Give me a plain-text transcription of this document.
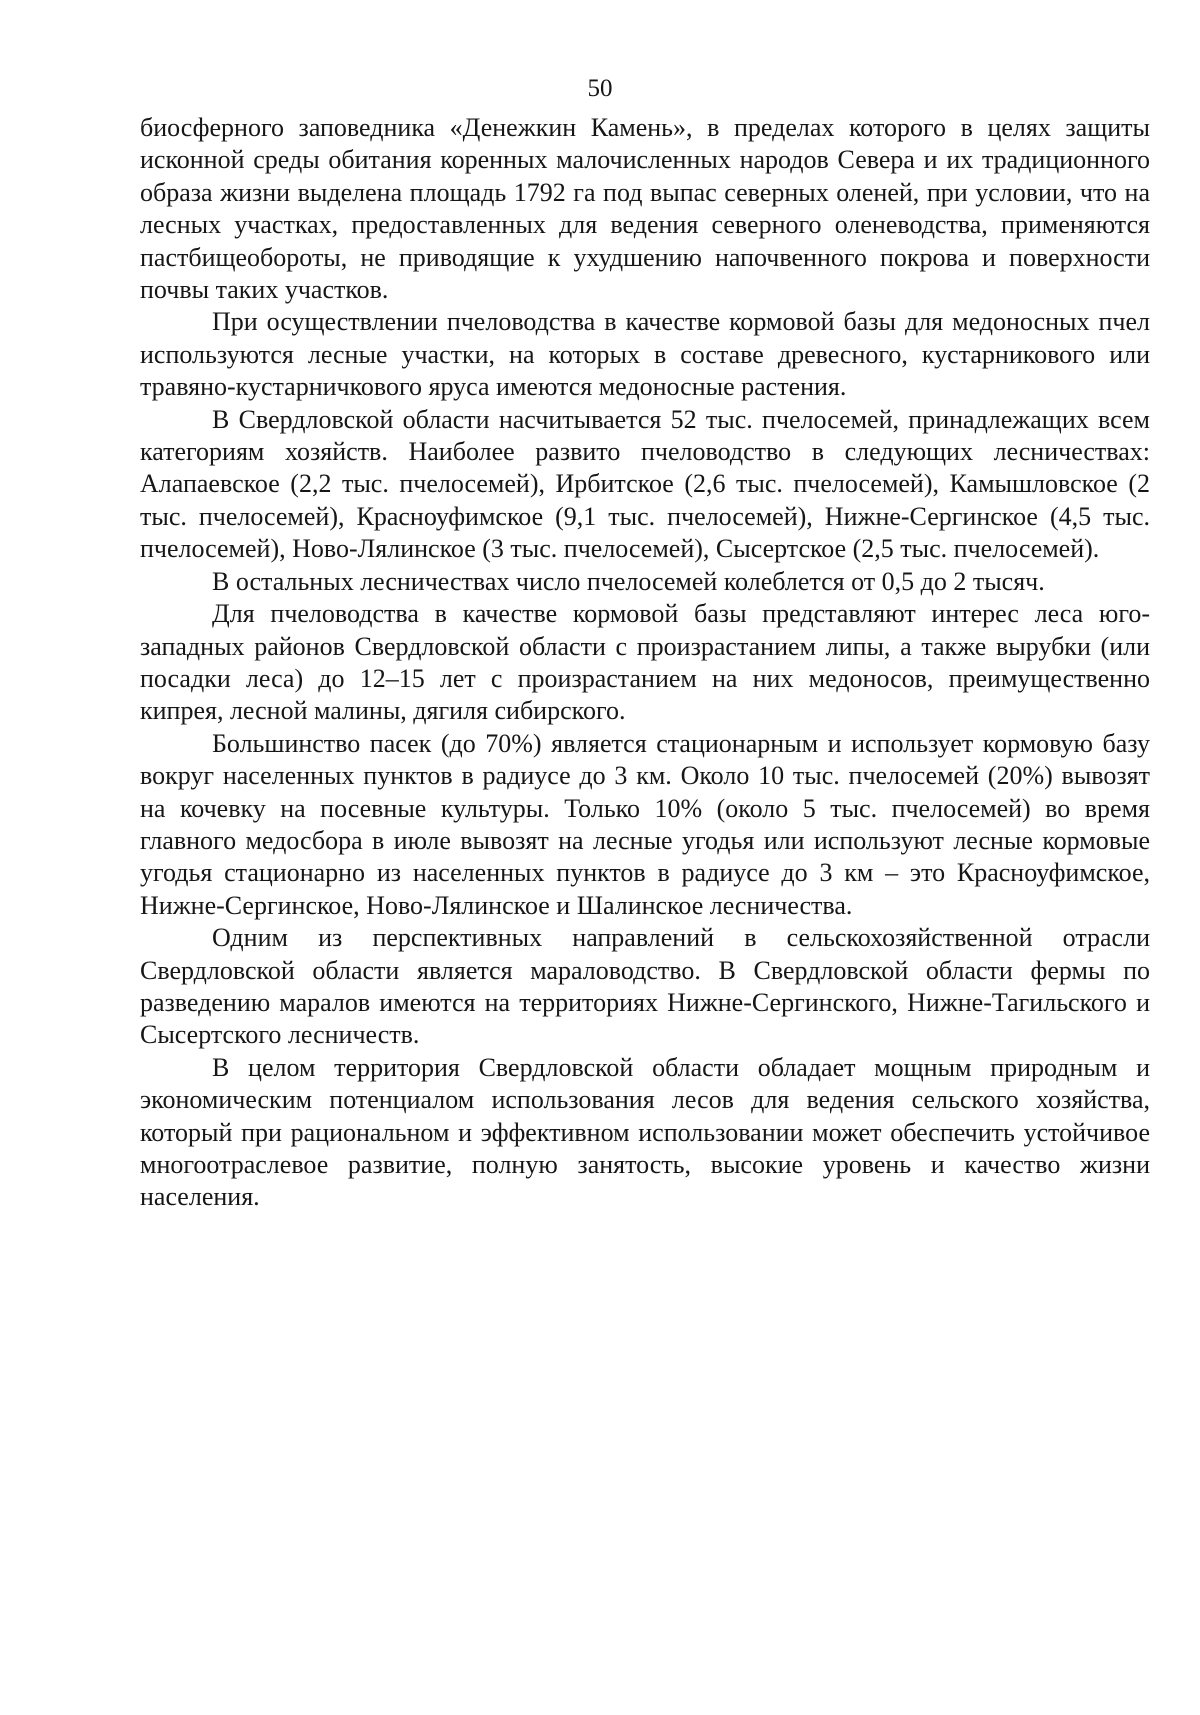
50

биосферного заповедника «Денежкин Камень», в пределах которого в целях защиты исконной среды обитания коренных малочисленных народов Севера и их традиционного образа жизни выделена площадь 1792 га под выпас северных оленей, при условии, что на лесных участках, предоставленных для ведения северного оленеводства, применяются пастбищеобороты, не приводящие к ухудшению напочвенного покрова и поверхности почвы таких участков.

При осуществлении пчеловодства в качестве кормовой базы для медоносных пчел используются лесные участки, на которых в составе древесного, кустарникового или травяно-кустарничкового яруса имеются медоносные растения.

В Свердловской области насчитывается 52 тыс. пчелосемей, принадлежащих всем категориям хозяйств. Наиболее развито пчеловодство в следующих лесничествах: Алапаевское (2,2 тыс. пчелосемей), Ирбитское (2,6 тыс. пчелосемей), Камышловское (2 тыс. пчелосемей), Красноуфимское (9,1 тыс. пчелосемей), Нижне-Сергинское (4,5 тыс. пчелосемей), Ново-Лялинское (3 тыс. пчелосемей), Сысертское (2,5 тыс. пчелосемей).

В остальных лесничествах число пчелосемей колеблется от 0,5 до 2 тысяч.

Для пчеловодства в качестве кормовой базы представляют интерес леса юго-западных районов Свердловской области с произрастанием липы, а также вырубки (или посадки леса) до 12–15 лет с произрастанием на них медоносов, преимущественно кипрея, лесной малины, дягиля сибирского.

Большинство пасек (до 70%) является стационарным и использует кормовую базу вокруг населенных пунктов в радиусе до 3 км. Около 10 тыс. пчелосемей (20%) вывозят на кочевку на посевные культуры. Только 10% (около 5 тыс. пчелосемей) во время главного медосбора в июле вывозят на лесные угодья или используют лесные кормовые угодья стационарно из населенных пунктов в радиусе до 3 км – это Красноуфимское, Нижне-Сергинское, Ново-Лялинское и Шалинское лесничества.

Одним из перспективных направлений в сельскохозяйственной отрасли Свердловской области является мараловодство. В Свердловской области фермы по разведению маралов имеются на территориях Нижне-Сергинского, Нижне-Тагильского и Сысертского лесничеств.

В целом территория Свердловской области обладает мощным природным и экономическим потенциалом использования лесов для ведения сельского хозяйства, который при рациональном и эффективном использовании может обеспечить устойчивое многоотраслевое развитие, полную занятость, высокие уровень и качество жизни населения.
